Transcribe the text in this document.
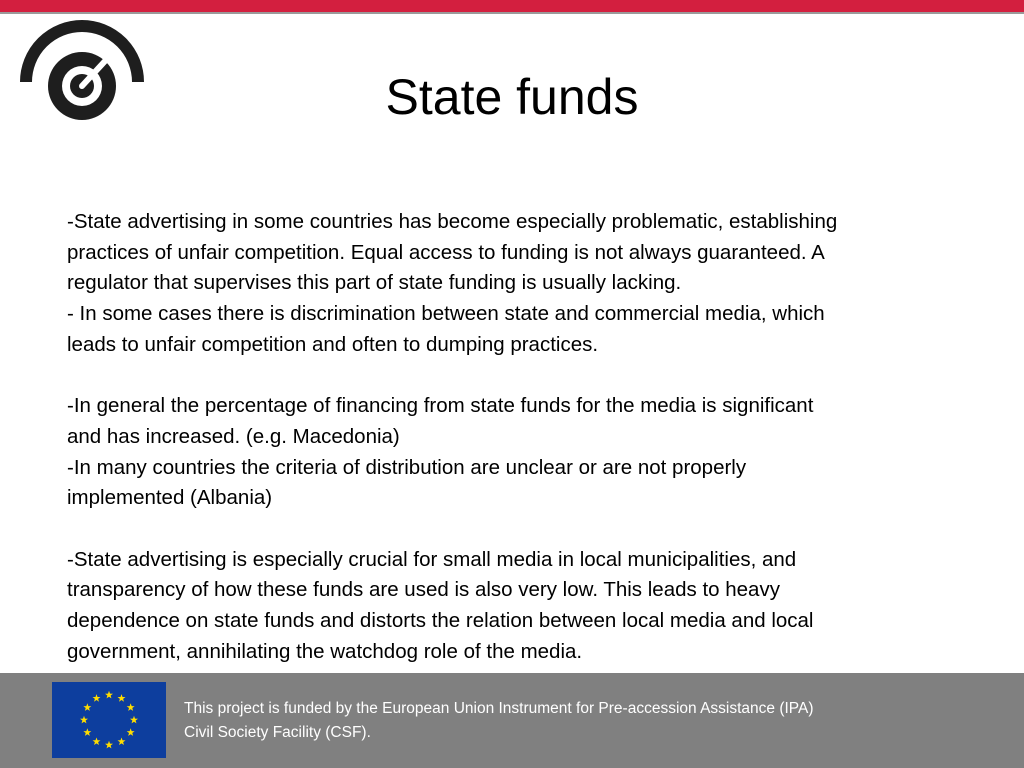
State funds

-State advertising in some countries has become especially problematic, establishing

practices of unfair competition. Equal access to funding is not always guaranteed. A

regulator that supervises this part of state funding is usually lacking.

- In some cases there is discrimination between state and commercial media, which

leads to unfair competition and often to dumping practices.

-In general the percentage of financing from state funds for the media is significant

and has increased. (e.g. Macedonia)

-In many countries the criteria of distribution are unclear or are not properly

implemented (Albania)

-State advertising is especially crucial for small media in local municipalities, and

transparency of how these funds are used is also very low. This leads to heavy

dependence on state funds and distorts the relation between local media and local

government, annihilating the watchdog role of the media.

This project is funded by the European Union Instrument for Pre-accession Assistance (IPA)

Civil Society Facility (CSF).
